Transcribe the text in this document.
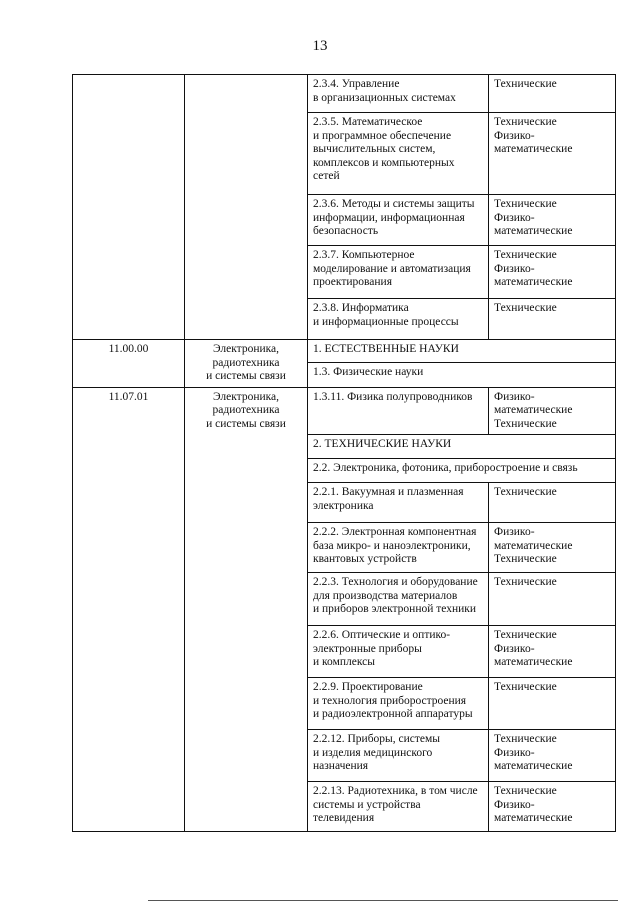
13
		2.3.4. Управление
в организационных системах	Технические
		2.3.5. Математическое
и программное обеспечение
вычислительных систем,
комплексов и компьютерных
сетей	Технические
Физико-
математические
		2.3.6. Методы и системы защиты
информации, информационная
безопасность	Технические
Физико-
математические
		2.3.7. Компьютерное
моделирование и автоматизация
проектирования	Технические
Физико-
математические
		2.3.8. Информатика
и информационные процессы	Технические
11.00.00	Электроника,
радиотехника
и системы связи	1. ЕСТЕСТВЕННЫЕ НАУКИ	
		1.3. Физические науки	
11.07.01	Электроника,
радиотехника
и системы связи	1.3.11. Физика полупроводников	Физико-
математические
Технические
		2. ТЕХНИЧЕСКИЕ НАУКИ	
		2.2. Электроника, фотоника, приборостроение и связь	
		2.2.1. Вакуумная и плазменная
электроника	Технические
		2.2.2. Электронная компонентная
база микро- и наноэлектроники,
квантовых устройств	Физико-
математические
Технические
		2.2.3. Технология и оборудование
для производства материалов
и приборов электронной техники	Технические
		2.2.6. Оптические и оптико-
электронные приборы
и комплексы	Технические
Физико-
математические
		2.2.9. Проектирование
и технология приборостроения
и радиоэлектронной аппаратуры	Технические
		2.2.12. Приборы, системы
и изделия медицинского
назначения	Технические
Физико-
математические
		2.2.13. Радиотехника, в том числе
системы и устройства
телевидения	Технические
Физико-
математические
